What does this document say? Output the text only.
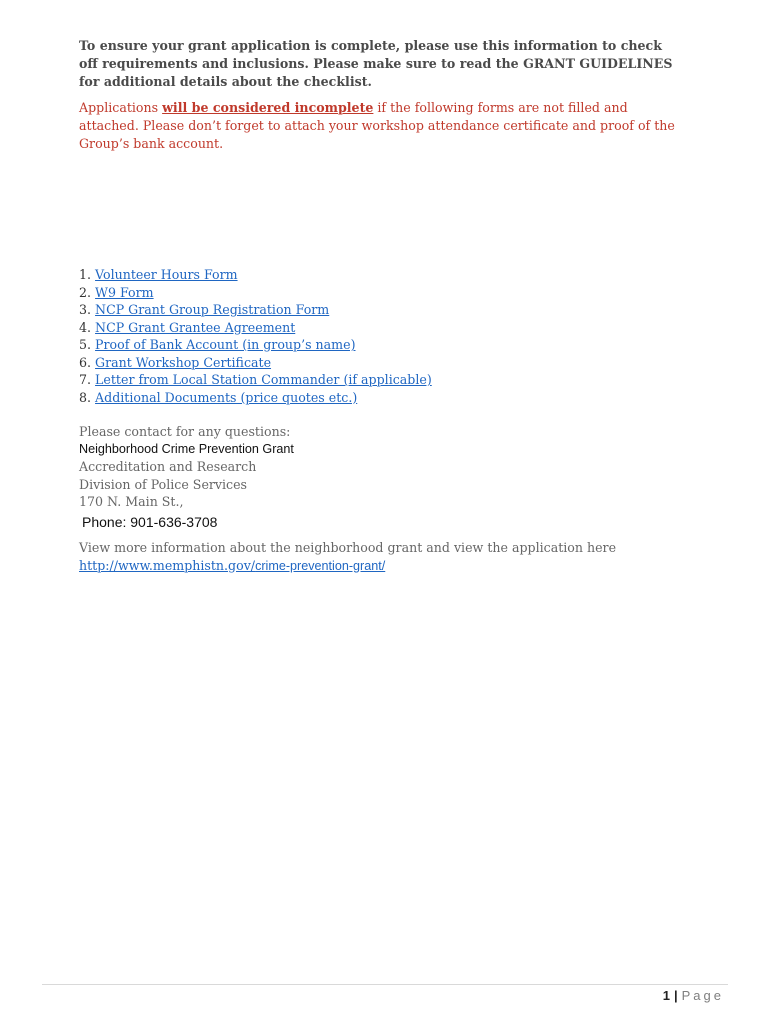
To ensure your grant application is complete, please use this information to check off requirements and inclusions. Please make sure to read the GRANT GUIDELINES for additional details about the checklist.

Applications will be considered incomplete if the following forms are not filled and attached. Please don’t forget to attach your workshop attendance certificate and proof of the Group’s bank account.

1. Volunteer Hours Form
2. W9 Form
3. NCP Grant Group Registration Form
4. NCP Grant Grantee Agreement
5. Proof of Bank Account (in group’s name)
6. Grant Workshop Certificate
7. Letter from Local Station Commander (if applicable)
8. Additional Documents (price quotes etc.)
Please contact for any questions:
Neighborhood Crime Prevention Grant
Accreditation and Research
Division of Police Services
170 N. Main St.,
Phone: 901-636-3708

View more information about the neighborhood grant and view the application here http://www.memphistn.gov/crime-prevention-grant/

1 | Page
